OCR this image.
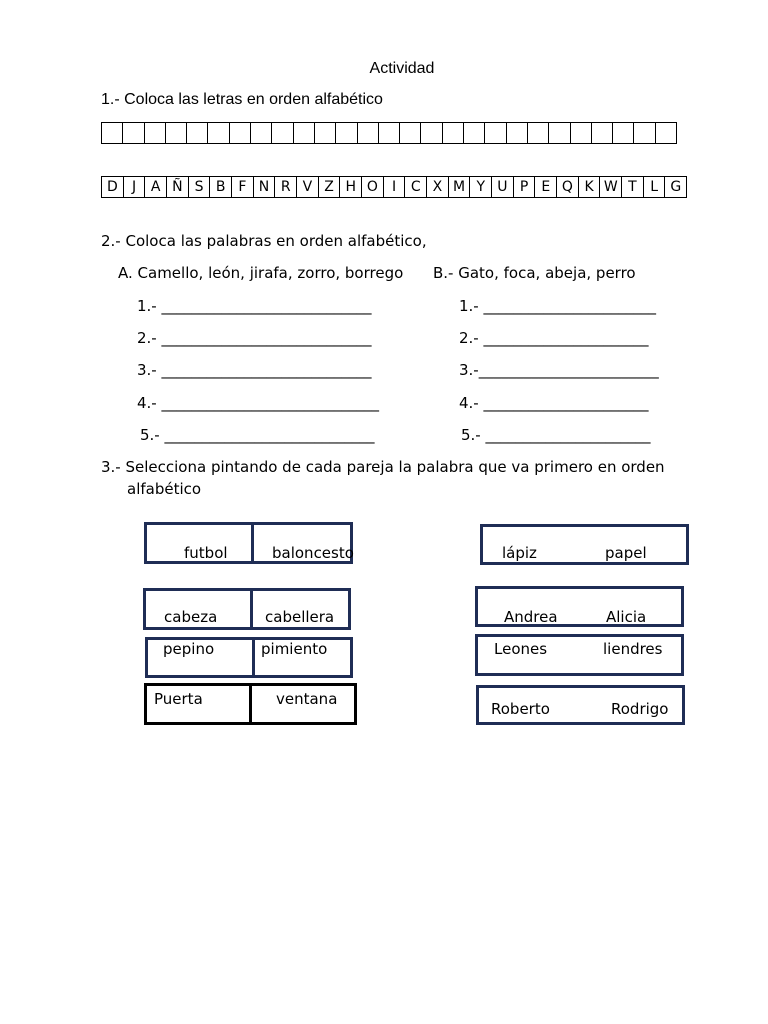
Actividad
1.- Coloca las letras en orden alfabético
D	J	A Ñ S B F N R V Z H O	I	C X M Y U P E Q K W T L G
2.- Coloca las palabras en orden alfabético,
A. Camello, león, jirafa, zorro, borrego B.- Gato, foca, abeja, perro
1.- ____________________________
2.- ____________________________
3.- ____________________________
4.- _____________________________
5.- ____________________________
1.- _______________________
2.- ______________________
3.-________________________
4.- ______________________
5.- ______________________
3.- Selecciona pintando de cada pareja la palabra que va primero en orden
alfabético
futbol	baloncesto
cabeza	cabellera
pepino	pimiento
Puerta	ventana
lápiz	papel
Andrea	Alicia
Leones	liendres
Roberto	Rodrigo
